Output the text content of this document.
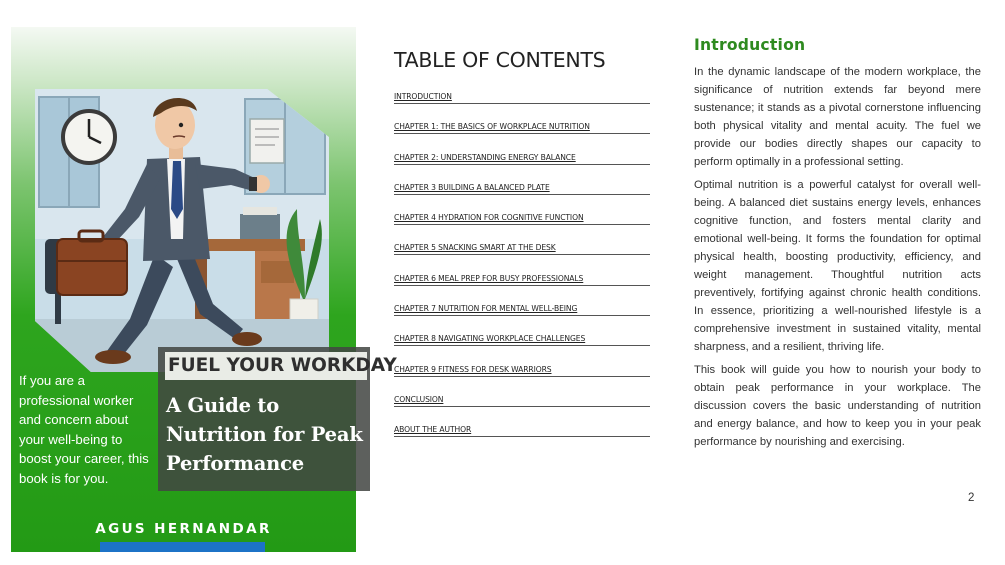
If you are a
professional worker
and concern about
your well-being to
boost your career, this
book is for you.
FUEL YOUR WORKDAY
A Guide to
Nutrition for Peak
Performance
AGUS HERNANDAR
TABLE OF CONTENTS
INTRODUCTION
CHAPTER 1: THE BASICS OF WORKPLACE NUTRITION
CHAPTER 2: UNDERSTANDING ENERGY BALANCE
CHAPTER 3 BUILDING A BALANCED PLATE
CHAPTER 4 HYDRATION FOR COGNITIVE FUNCTION
CHAPTER 5 SNACKING SMART AT THE DESK
CHAPTER 6 MEAL PREP FOR BUSY PROFESSIONALS
CHAPTER 7 NUTRITION FOR MENTAL WELL-BEING
CHAPTER 8 NAVIGATING WORKPLACE CHALLENGES
CHAPTER 9 FITNESS FOR DESK WARRIORS
CONCLUSION
ABOUT THE AUTHOR
Introduction

In the dynamic landscape of the modern workplace, the significance of nutrition extends far beyond mere sustenance; it stands as a pivotal cornerstone influencing both physical vitality and mental acuity. The fuel we provide our bodies directly shapes our capacity to perform optimally in a professional setting.

Optimal nutrition is a powerful catalyst for overall well-being. A balanced diet sustains energy levels, enhances cognitive function, and fosters mental clarity and emotional well-being. It forms the foundation for optimal physical health, boosting productivity, efficiency, and weight management. Thoughtful nutrition acts preventively, fortifying against chronic health conditions. In essence, prioritizing a well-nourished lifestyle is a comprehensive investment in sustained vitality, mental sharpness, and a resilient, thriving life.

This book will guide you how to nourish your body to obtain peak performance in your workplace. The discussion covers the basic understanding of nutrition and energy balance, and how to keep you in your peak performance by nourishing and exercising.

2
